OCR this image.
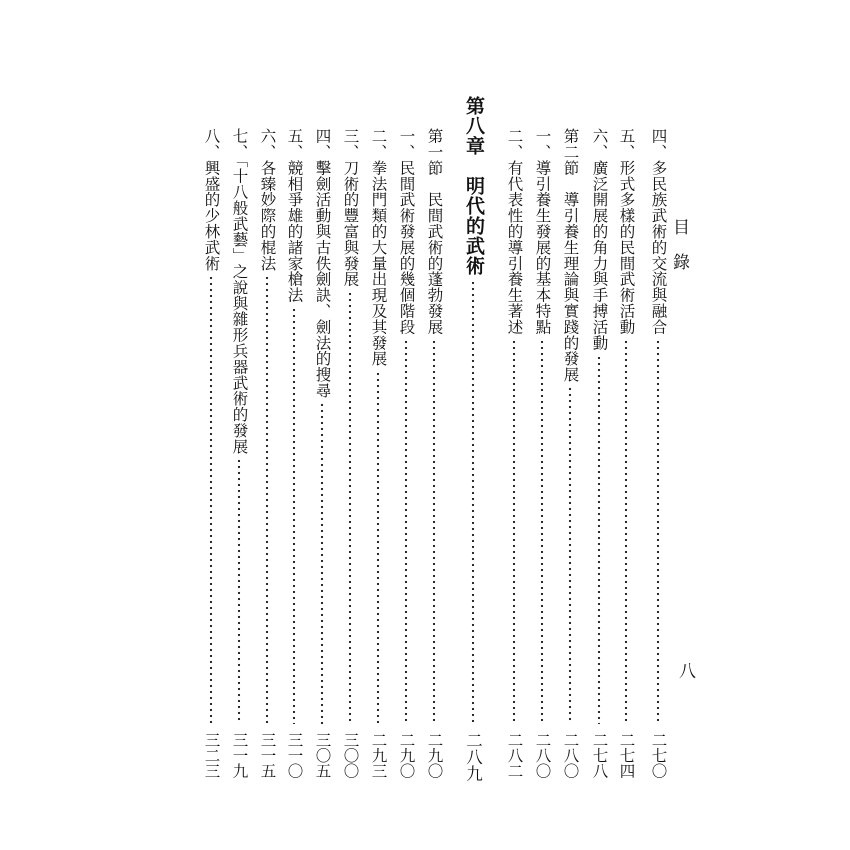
目錄
八
四、多民族武術的交流與融合
二七〇
五、形式多樣的民間武術活動
二七四
六、廣泛開展的角力與手搏活動
二七八
第二節　導引養生理論與實踐的發展
二八〇
一、導引養生發展的基本特點
二八〇
二、有代表性的導引養生著述
二八二
第八章　明代的武術
二八九
第一節　民間武術的蓬勃發展
二九〇
一、民間武術發展的幾個階段
二九〇
二、拳法門類的大量出現及其發展
二九三
三、刀術的豐富與發展
三〇〇
四、擊劍活動與古佚劍訣、劍法的搜尋
三〇五
五、競相爭雄的諸家槍法
三一〇
六、各臻妙際的棍法
三一五
七、「十八般武藝」之說與雜形兵器武術的發展
三一九
八、興盛的少林武術
三二三
